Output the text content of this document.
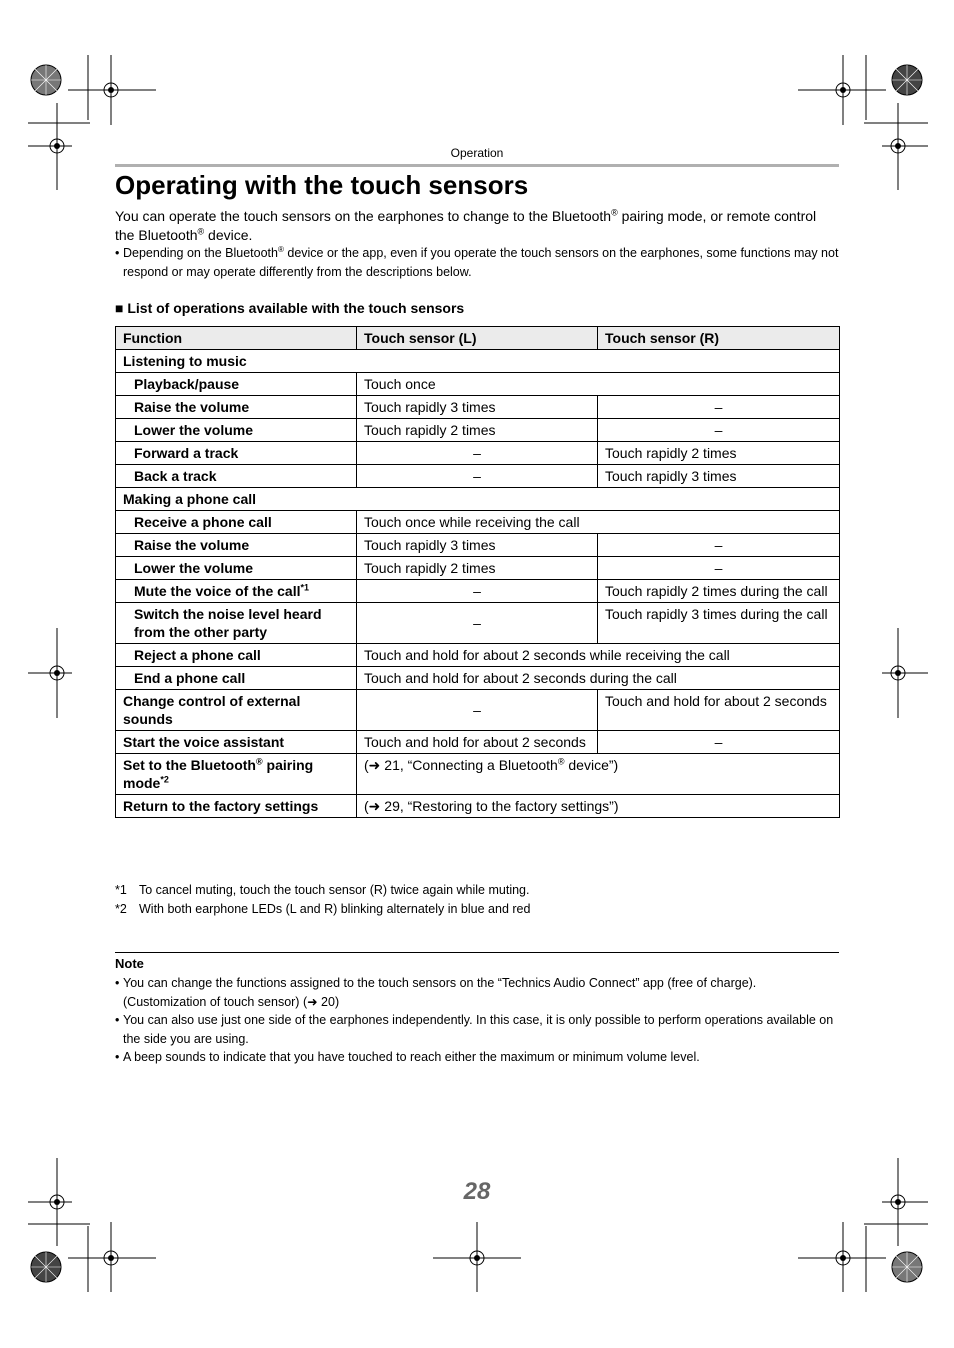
Operation
Operating with the touch sensors

You can operate the touch sensors on the earphones to change to the Bluetooth® pairing mode, or remote control the Bluetooth® device.

• Depending on the Bluetooth® device or the app, even if you operate the touch sensors on the earphones, some functions may not respond or may operate differently from the descriptions below.
■ List of operations available with the touch sensors
Function	Touch sensor (L)	Touch sensor (R)
Listening to music		
Playback/pause	Touch once	
Raise the volume	Touch rapidly 3 times	–
Lower the volume	Touch rapidly 2 times	–
Forward a track	–	Touch rapidly 2 times
Back a track	–	Touch rapidly 3 times
Making a phone call		
Receive a phone call	Touch once while receiving the call	
Raise the volume	Touch rapidly 3 times	–
Lower the volume	Touch rapidly 2 times	–
Mute the voice of the call$^{*1}$	–	Touch rapidly 2 times during the call
Switch the noise level heard from the other party	–	Touch rapidly 3 times during the call
Reject a phone call	Touch and hold for about 2 seconds while receiving the call	
End a phone call	Touch and hold for about 2 seconds during the call	
Change control of external sounds	–	Touch and hold for about 2 seconds
Start the voice assistant	Touch and hold for about 2 seconds	–
Set to the Bluetooth® pairing mode$^{*2}$	(➜ 21, “Connecting a Bluetooth® device”)	
Return to the factory settings	(➜ 29, “Restoring to the factory settings”)	
*1 To cancel muting, touch the touch sensor (R) twice again while muting.
*2 With both earphone LEDs (L and R) blinking alternately in blue and red
Note
• You can change the functions assigned to the touch sensors on the “Technics Audio Connect” app (free of charge). (Customization of touch sensor) (➜ 20)
• You can also use just one side of the earphones independently. In this case, it is only possible to perform operations available on the side you are using.
• A beep sounds to indicate that you have touched to reach either the maximum or minimum volume level.
28
